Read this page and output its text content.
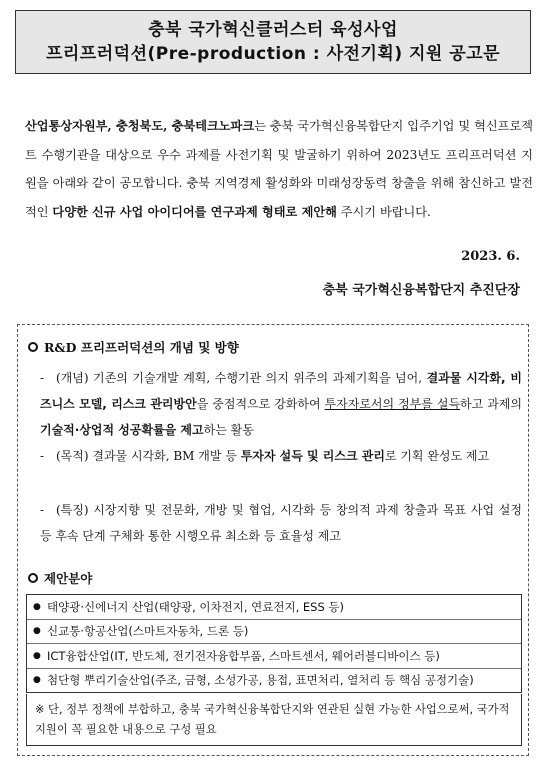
충북 국가혁신클러스터 육성사업
프리프러덕션(Pre-production : 사전기획) 지원 공고문
산업통상자원부, 충청북도, 충북테크노파크는 충북 국가혁신융복합단지 입주기업 및 혁신프로젝트 수행기관을 대상으로 우수 과제를 사전기획 및 발굴하기 위하여 2023년도 프리프러덕션 지원을 아래와 같이 공모합니다. 충북 지역경제 활성화와 미래성장동력 창출을 위해 참신하고 발전적인 다양한 신규 사업 아이디어를 연구과제 형태로 제안해 주시기 바랍니다.
2023. 6.
충북 국가혁신융복합단지 추진단장
R&D 프리프러덕션의 개념 및 방향
- (개념) 기존의 기술개발 계획, 수행기관 의지 위주의 과제기획을 넘어, 결과물 시각화, 비즈니스 모델, 리스크 관리방안을 중점적으로 강화하여 투자자로서의 정부를 설득하고 과제의 기술적·상업적 성공확률을 제고하는 활동
- (목적) 결과물 시각화, BM 개발 등 투자자 설득 및 리스크 관리로 기획 완성도 제고
- (특징) 시장지향 및 전문화, 개방 및 협업, 시각화 등 창의적 과제 창출과 목표 사업 설정 등 후속 단계 구체화 통한 시행오류 최소화 등 효율성 제고
제안분야
● 태양광·신에너지 산업(태양광, 이차전지, 연료전지, ESS 등)
● 신교통·항공산업(스마트자동차, 드론 등)
● ICT융합산업(IT, 반도체, 전기전자융합부품, 스마트센서, 웨어러블디바이스 등)
● 첨단형 뿌리기술산업(주조, 금형, 소성가공, 용접, 표면처리, 열처리 등 핵심 공정기술)
※ 단, 정부 정책에 부합하고, 충북 국가혁신융복합단지와 연관된 실현 가능한 사업으로써, 국가적 지원이 꼭 필요한 내용으로 구성 필요
